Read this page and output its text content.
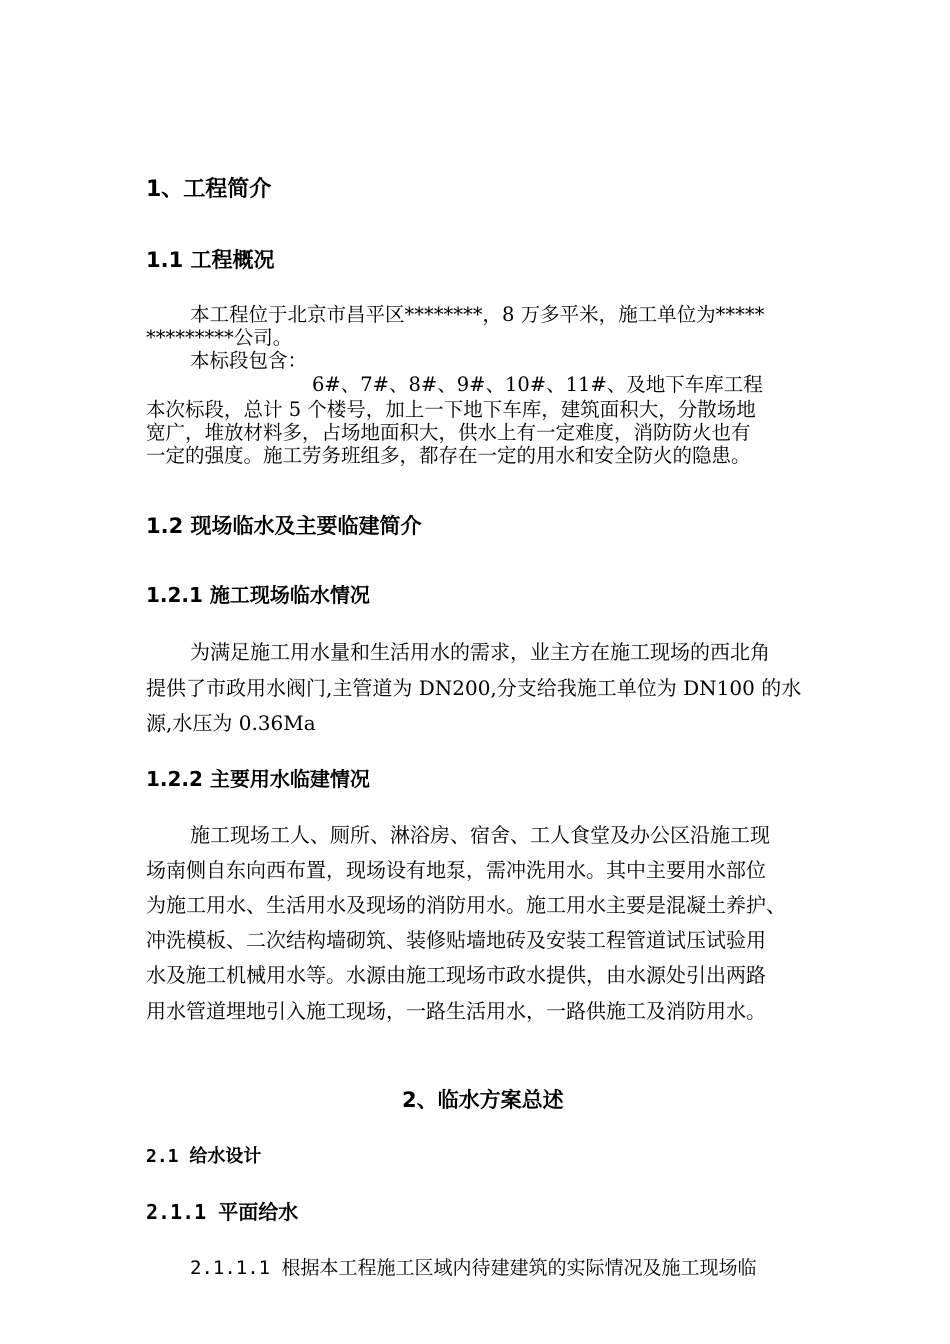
1、工程简介
1.1 工程概况
本工程位于北京市昌平区********，8 万多平米，施工单位为*****
*********公司。
本标段包含：
6#、7#、8#、9#、10#、11#、及地下车库工程
本次标段，总计 5 个楼号，加上一下地下车库，建筑面积大，分散场地
宽广，堆放材料多，占场地面积大，供水上有一定难度，消防防火也有
一定的强度。施工劳务班组多，都存在一定的用水和安全防火的隐患。
1.2 现场临水及主要临建简介
1.2.1 施工现场临水情况
为满足施工用水量和生活用水的需求，业主方在施工现场的西北角
提供了市政用水阀门,主管道为 DN200,分支给我施工单位为 DN100 的水
源,水压为 0.36Ma
1.2.2 主要用水临建情况
施工现场工人、厕所、淋浴房、宿舍、工人食堂及办公区沿施工现
场南侧自东向西布置，现场设有地泵，需冲洗用水。其中主要用水部位
为施工用水、生活用水及现场的消防用水。施工用水主要是混凝土养护、
冲洗模板、二次结构墙砌筑、装修贴墙地砖及安装工程管道试压试验用
水及施工机械用水等。水源由施工现场市政水提供，由水源处引出两路
用水管道埋地引入施工现场，一路生活用水，一路供施工及消防用水。
2、临水方案总述
2.1 给水设计
2.1.1 平面给水
2.1.1.1 根据本工程施工区域内待建建筑的实际情况及施工现场临
